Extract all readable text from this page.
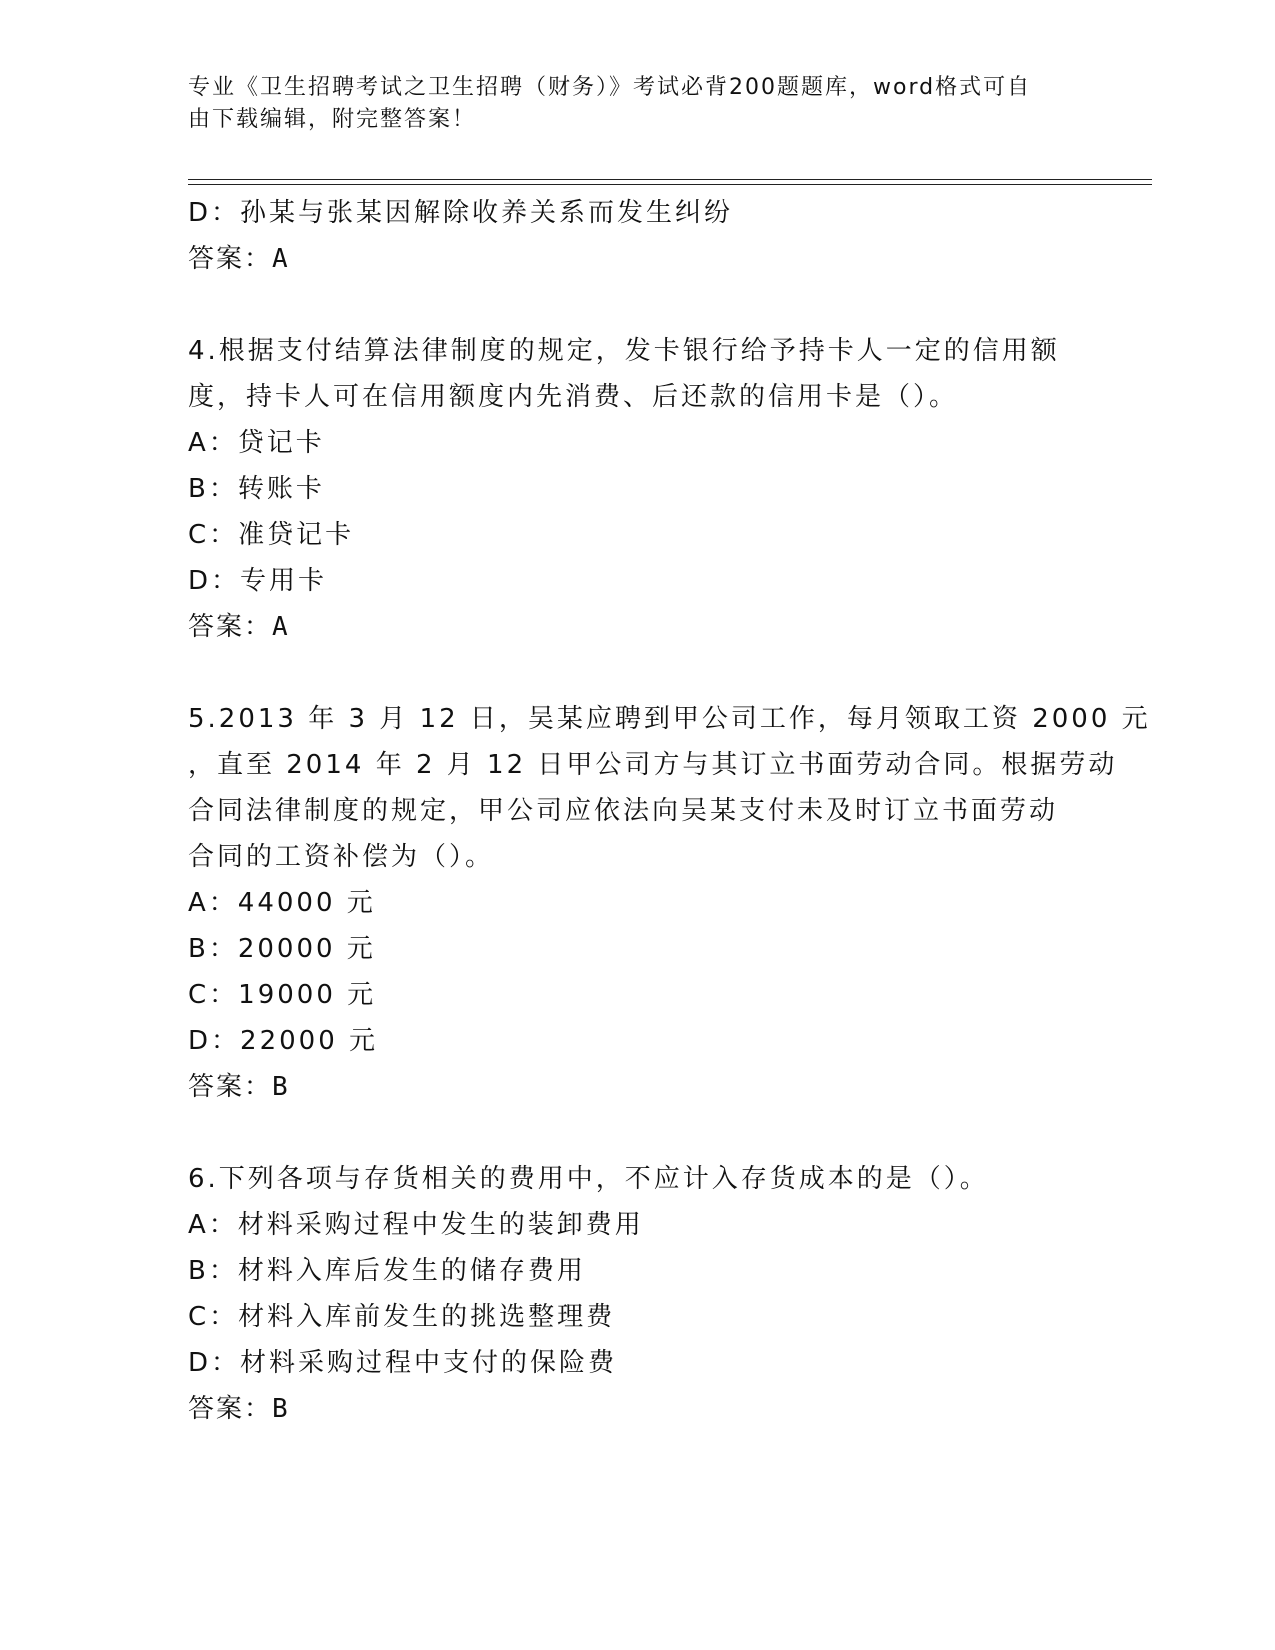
专业《卫生招聘考试之卫生招聘（财务）》考试必背200题题库，word格式可自
由下载编辑，附完整答案！
D：孙某与张某因解除收养关系而发生纠纷
答案：A
4.根据支付结算法律制度的规定，发卡银行给予持卡人一定的信用额
度，持卡人可在信用额度内先消费、后还款的信用卡是（）。
A：贷记卡
B：转账卡
C：准贷记卡
D：专用卡
答案：A
5.2013 年 3 月 12 日，吴某应聘到甲公司工作，每月领取工资 2000 元
，直至 2014 年 2 月 12 日甲公司方与其订立书面劳动合同。根据劳动
合同法律制度的规定，甲公司应依法向吴某支付未及时订立书面劳动
合同的工资补偿为（）。
A：44000 元
B：20000 元
C：19000 元
D：22000 元
答案：B
6.下列各项与存货相关的费用中，不应计入存货成本的是（）。
A：材料采购过程中发生的装卸费用
B：材料入库后发生的储存费用
C：材料入库前发生的挑选整理费
D：材料采购过程中支付的保险费
答案：B
